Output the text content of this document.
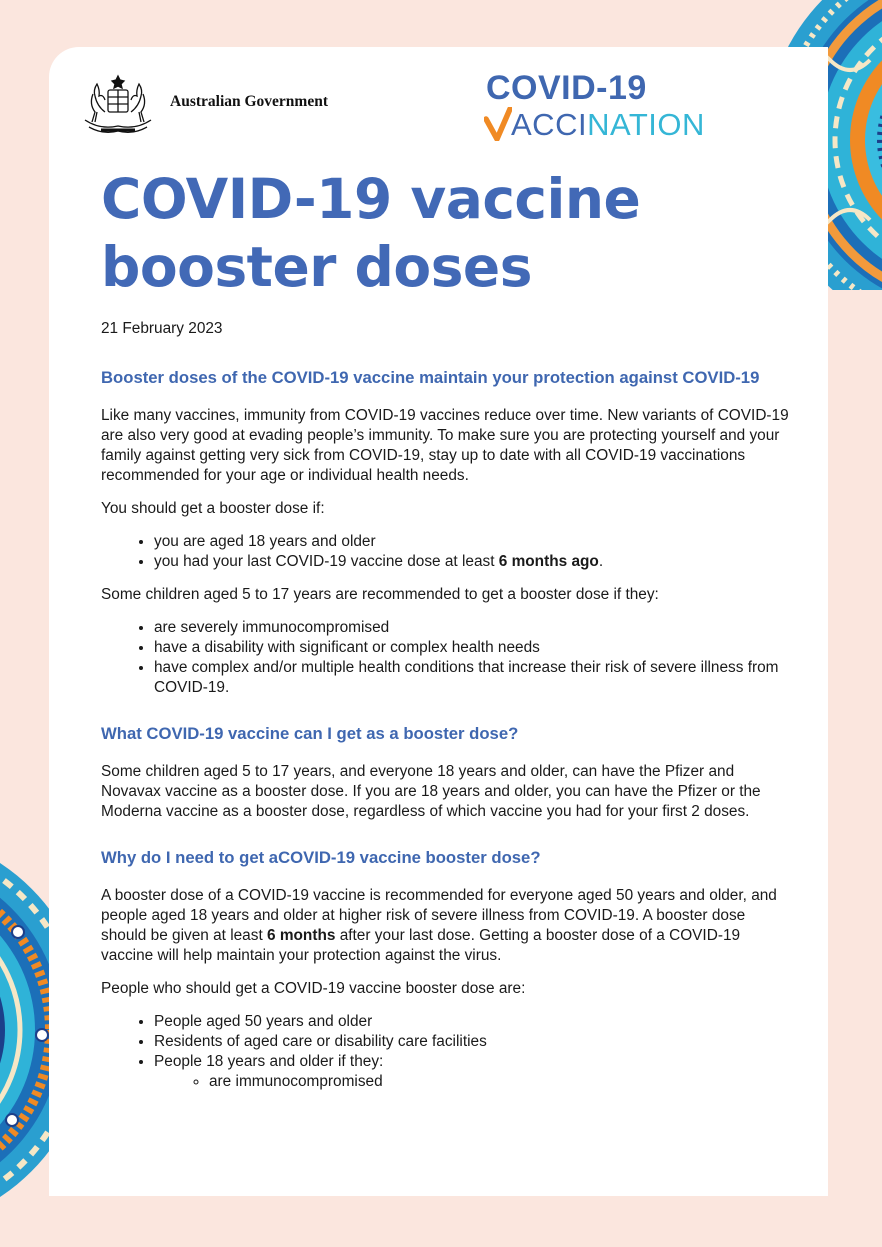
Australian Government	COVID-19
ACCI NATION
COVID-19 vaccine
booster doses

21 February 2023

Booster doses of the COVID-19 vaccine maintain your protection against COVID-19

Like many vaccines, immunity from COVID-19 vaccines reduce over time. New variants of COVID-19 are also very good at evading people’s immunity. To make sure you are protecting yourself and your family against getting very sick from COVID-19, stay up to date with all COVID-19 vaccinations recommended for your age or individual health needs.

You should get a booster dose if:

• you are aged 18 years and older
• you had your last COVID-19 vaccine dose at least 6 months ago.

Some children aged 5 to 17 years are recommended to get a booster dose if they:

• are severely immunocompromised
• have a disability with significant or complex health needs
• have complex and/or multiple health conditions that increase their risk of severe illness from COVID-19.
What COVID-19 vaccine can I get as a booster dose?

Some children aged 5 to 17 years, and everyone 18 years and older, can have the Pfizer and Novavax vaccine as a booster dose. If you are 18 years and older, you can have the Pfizer or the Moderna vaccine as a booster dose, regardless of which vaccine you had for your first 2 doses.

Why do I need to get aCOVID-19 vaccine booster dose?

A booster dose of a COVID-19 vaccine is recommended for everyone aged 50 years and older, and people aged 18 years and older at higher risk of severe illness from COVID-19. A booster dose should be given at least 6 months after your last dose. Getting a booster dose of a COVID-19 vaccine will help maintain your protection against the virus.

People who should get a COVID-19 vaccine booster dose are:

• People aged 50 years and older
• Residents of aged care or disability care facilities
• People 18 years and older if they:
◦ are immunocompromised
